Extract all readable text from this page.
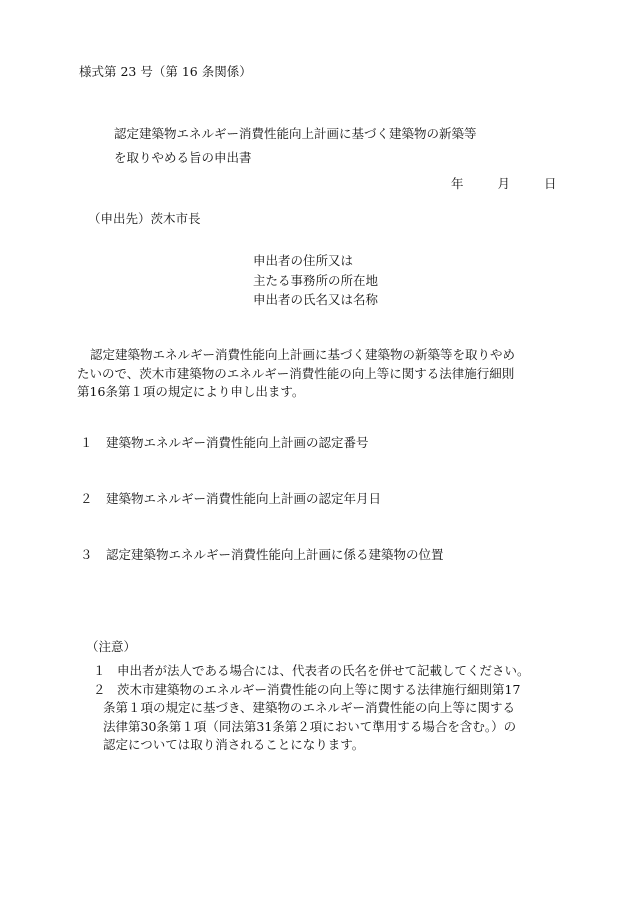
様式第 23 号（第 16 条関係）
認定建築物エネルギー消費性能向上計画に基づく建築物の新築等
を取りやめる旨の申出書
年	月	日
（申出先）茨木市長
申出者の住所又は
主たる事務所の所在地
申出者の氏名又は名称
認定建築物エネルギー消費性能向上計画に基づく建築物の新築等を取りやめ
たいので、茨木市建築物のエネルギー消費性能の向上等に関する法律施行細則
第16条第１項の規定により申し出ます。
１ 建築物エネルギー消費性能向上計画の認定番号
２ 建築物エネルギー消費性能向上計画の認定年月日
３ 認定建築物エネルギー消費性能向上計画に係る建築物の位置
（注意）
１ 申出者が法人である場合には、代表者の氏名を併せて記載してください。
２ 茨木市建築物のエネルギー消費性能の向上等に関する法律施行細則第17
条第１項の規定に基づき、建築物のエネルギー消費性能の向上等に関する
法律第30条第１項（同法第31条第２項において準用する場合を含む。）の
認定については取り消されることになります。
